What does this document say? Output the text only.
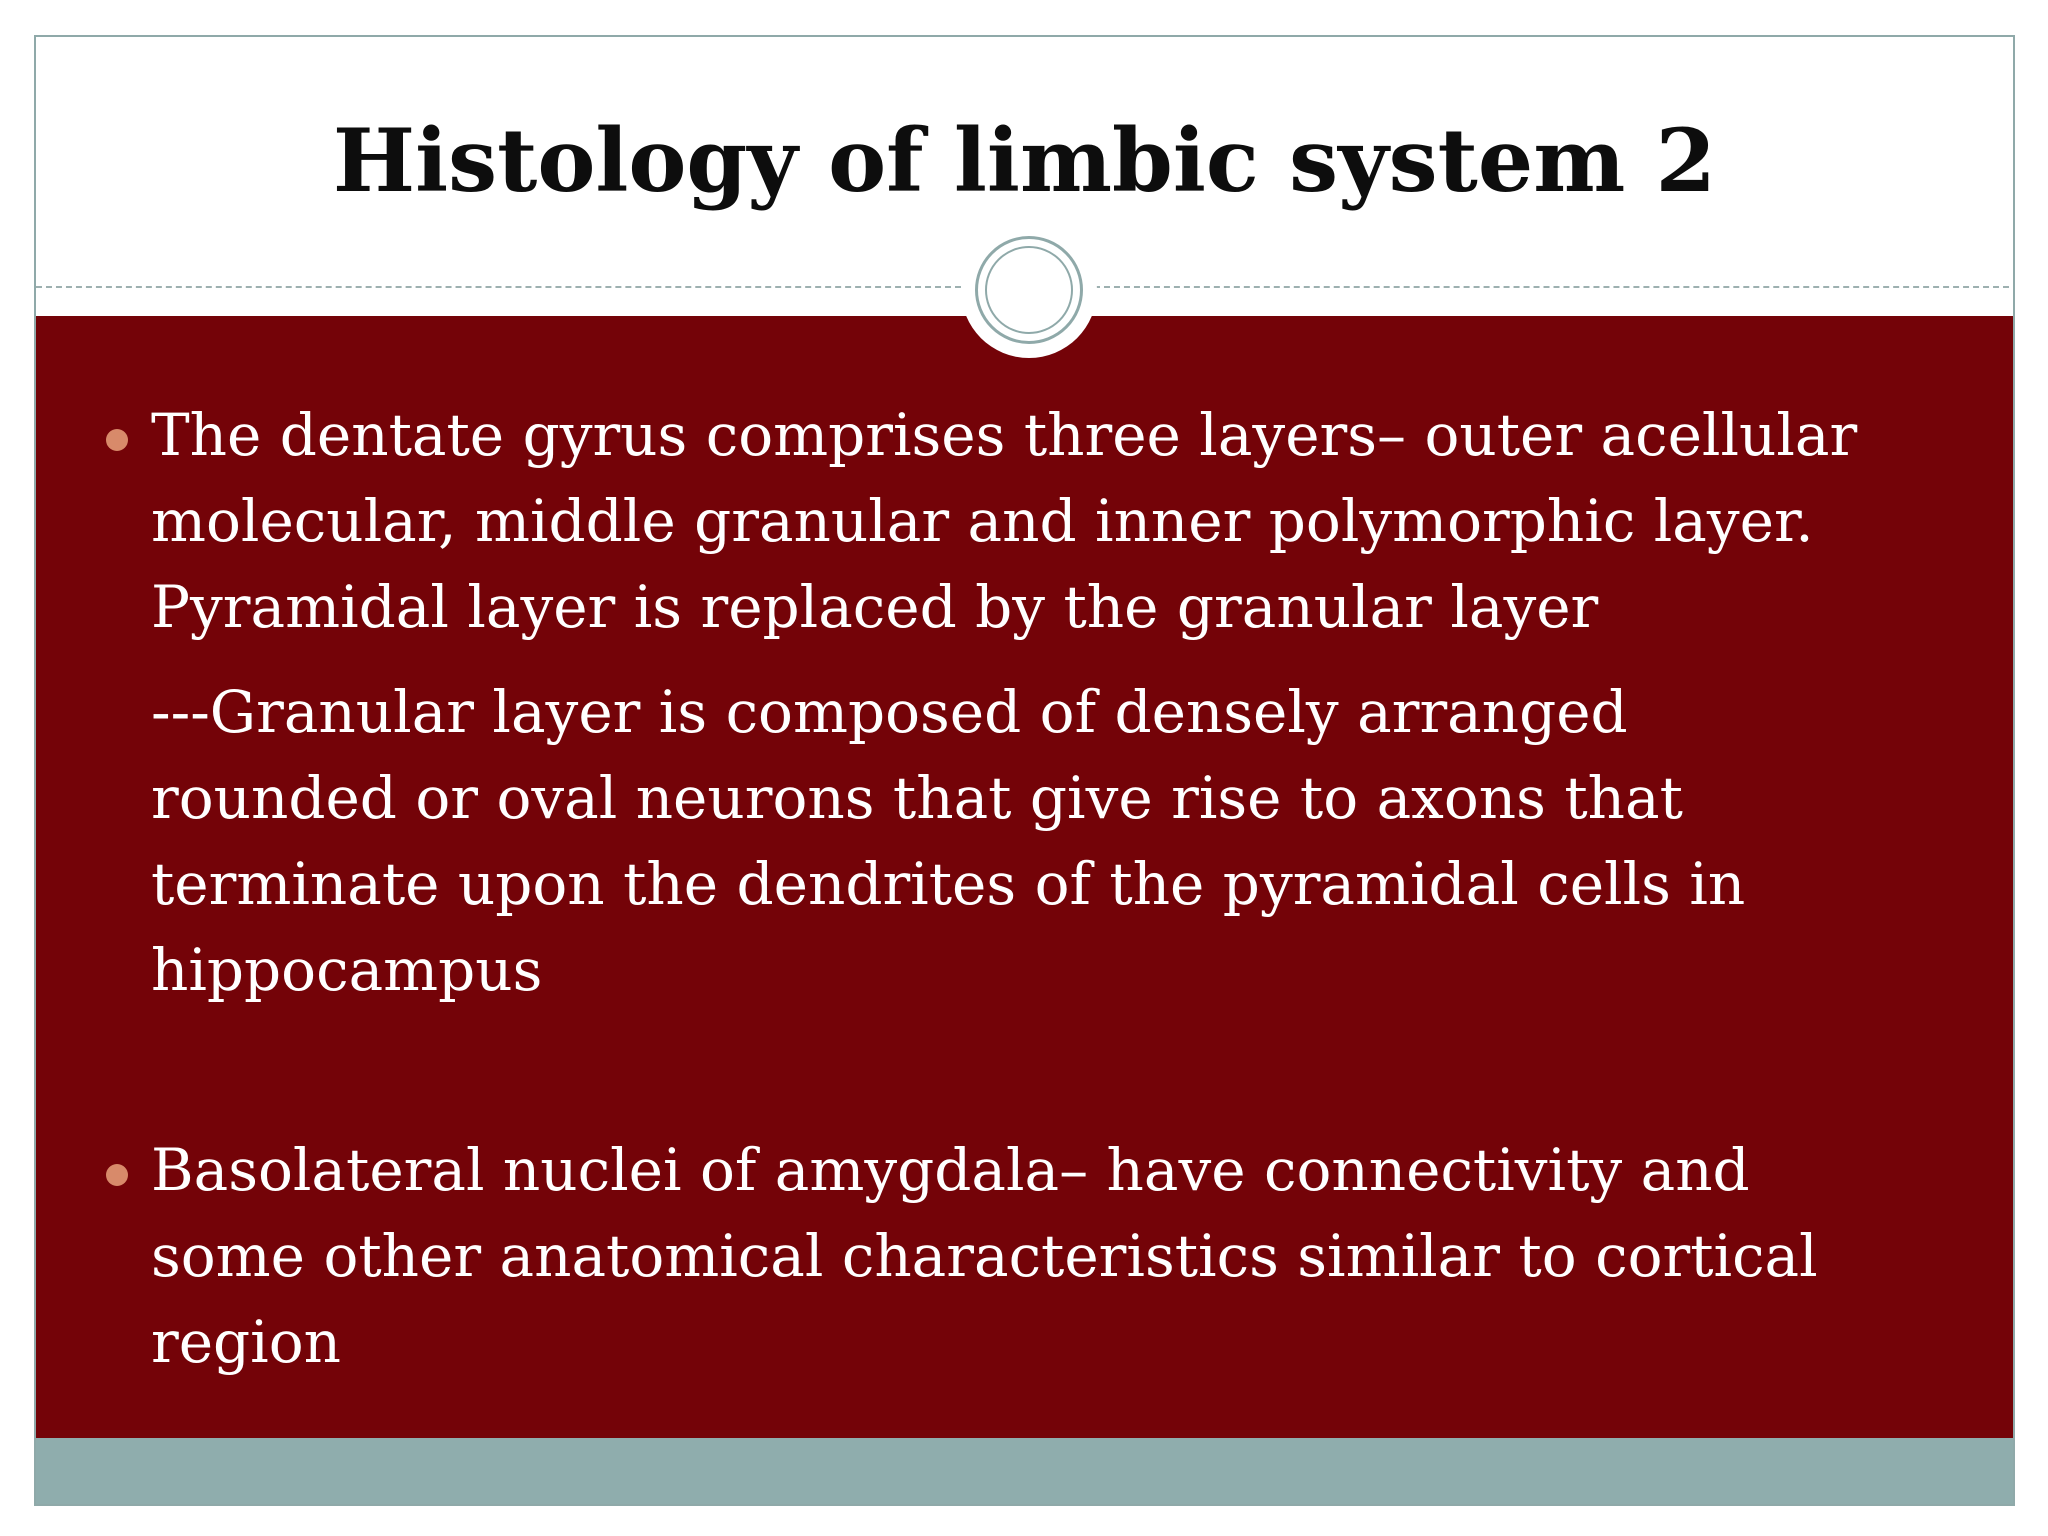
Histology of limbic system 2

The dentate gyrus comprises three layers– outer acellular
molecular, middle granular and inner polymorphic layer.
Pyramidal layer is replaced by the granular layer

---Granular layer is composed of densely arranged
rounded or oval neurons that give rise to axons that
terminate upon the dendrites of the pyramidal cells in
hippocampus

Basolateral nuclei of amygdala– have connectivity and
some other anatomical characteristics similar to cortical
region
